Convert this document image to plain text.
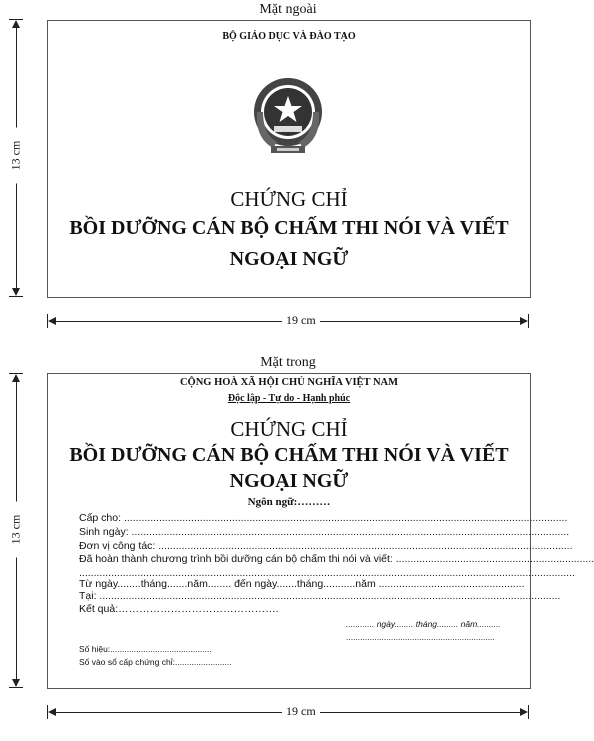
Mặt ngoài
13 cm
BỘ GIÁO DỤC VÀ ĐÀO TẠO
CHỨNG CHỈ
BỒI DƯỠNG CÁN BỘ CHẤM THI NÓI VÀ VIẾT
NGOẠI NGỮ
19 cm
Mặt trong
13 cm
CỘNG HOÀ XÃ HỘI CHỦ NGHĨA VIỆT NAM
Độc lập - Tự do - Hạnh phúc
CHỨNG CHỈ
BỒI DƯỠNG CÁN BỘ CHẤM THI NÓI VÀ VIẾT
NGOẠI NGỮ
Ngôn ngữ:………
Cấp cho: ........................................................................................................................................................
Sinh ngày: ......................................................................................................................................................
Đơn vị công tác: ..............................................................................................................................................
Đã hoàn thành chương trình bồi dưỡng cán bộ chấm thi nói và viết: ....................................................................
..........................................................................................................................................................................
Từ ngày........tháng.......năm........ đến ngày.......tháng...........năm ..................................................
Tại: ..............................................................................................................................................................
Kết quả:……………………………………….
............ ngày........ tháng......... năm..........
...............................................................
Số hiệu:...........................................
Số vào sổ cấp chứng chỉ:........................
19 cm
